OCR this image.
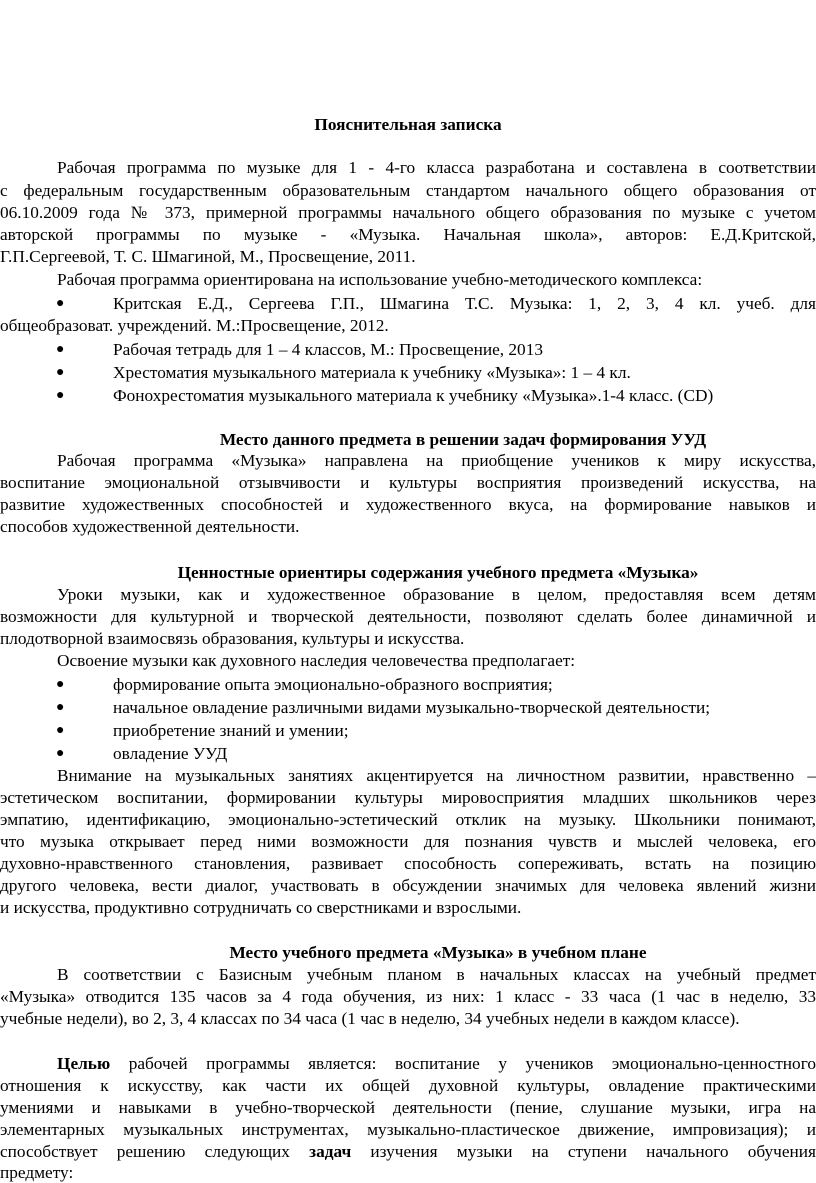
Пояснительная записка
Рабочая программа по музыке для 1 - 4-го класса разработана и составлена в соответствии
с федеральным государственным образовательным стандартом начального общего образования от
06.10.2009 года № 373, примерной программы начального общего образования по музыке с учетом
авторской программы по музыке - «Музыка. Начальная школа», авторов: Е.Д.Критской,
Г.П.Сергеевой, Т. С. Шмагиной, М., Просвещение, 2011.
Рабочая программа ориентирована на использование учебно-методического комплекса:
●	Критская Е.Д., Сергеева Г.П., Шмагина Т.С. Музыка: 1, 2, 3, 4 кл. учеб. для
общеобразоват. учреждений. М.:Просвещение, 2012.
●	Рабочая тетрадь для 1 – 4 классов, М.: Просвещение, 2013
●	Хрестоматия музыкального материала к учебнику «Музыка»: 1 – 4 кл.
●	Фонохрестоматия музыкального материала к учебнику «Музыка».1-4 класс. (CD)
Место данного предмета в решении задач формирования УУД
Рабочая программа «Музыка» направлена на приобщение учеников к миру искусства,
воспитание эмоциональной отзывчивости и культуры восприятия произведений искусства, на
развитие художественных способностей и художественного вкуса, на формирование навыков и
способов художественной деятельности.
Ценностные ориентиры содержания учебного предмета «Музыка»
Уроки музыки, как и художественное образование в целом, предоставляя всем детям
возможности для культурной и творческой деятельности, позволяют сделать более динамичной и
плодотворной взаимосвязь образования, культуры и искусства.
Освоение музыки как духовного наследия человечества предполагает:
●	формирование опыта эмоционально-образного восприятия;
●	начальное овладение различными видами музыкально-творческой деятельности;
●	приобретение знаний и умении;
●	овладение УУД
Внимание на музыкальных занятиях акцентируется на личностном развитии, нравственно –
эстетическом воспитании, формировании культуры мировосприятия младших школьников через
эмпатию, идентификацию, эмоционально-эстетический отклик на музыку. Школьники понимают,
что музыка открывает перед ними возможности для познания чувств и мыслей человека, его
духовно-нравственного становления, развивает способность сопереживать, встать на позицию
другого человека, вести диалог, участвовать в обсуждении значимых для человека явлений жизни
и искусства, продуктивно сотрудничать со сверстниками и взрослыми.
Место учебного предмета «Музыка» в учебном плане
В соответствии с Базисным учебным планом в начальных классах на учебный предмет
«Музыка» отводится 135 часов за 4 года обучения, из них: 1 класс - 33 часа (1 час в неделю, 33
учебные недели), во 2, 3, 4 классах по 34 часа (1 час в неделю, 34 учебных недели в каждом классе).
Целью рабочей программы является: воспитание у учеников эмоционально-ценностного
отношения к искусству, как части их общей духовной культуры, овладение практическими
умениями и навыками в учебно-творческой деятельности (пение, слушание музыки, игра на
элементарных музыкальных инструментах, музыкально-пластическое движение, импровизация); и
способствует решению следующих задач изучения музыки на ступени начального обучения
предмету:
